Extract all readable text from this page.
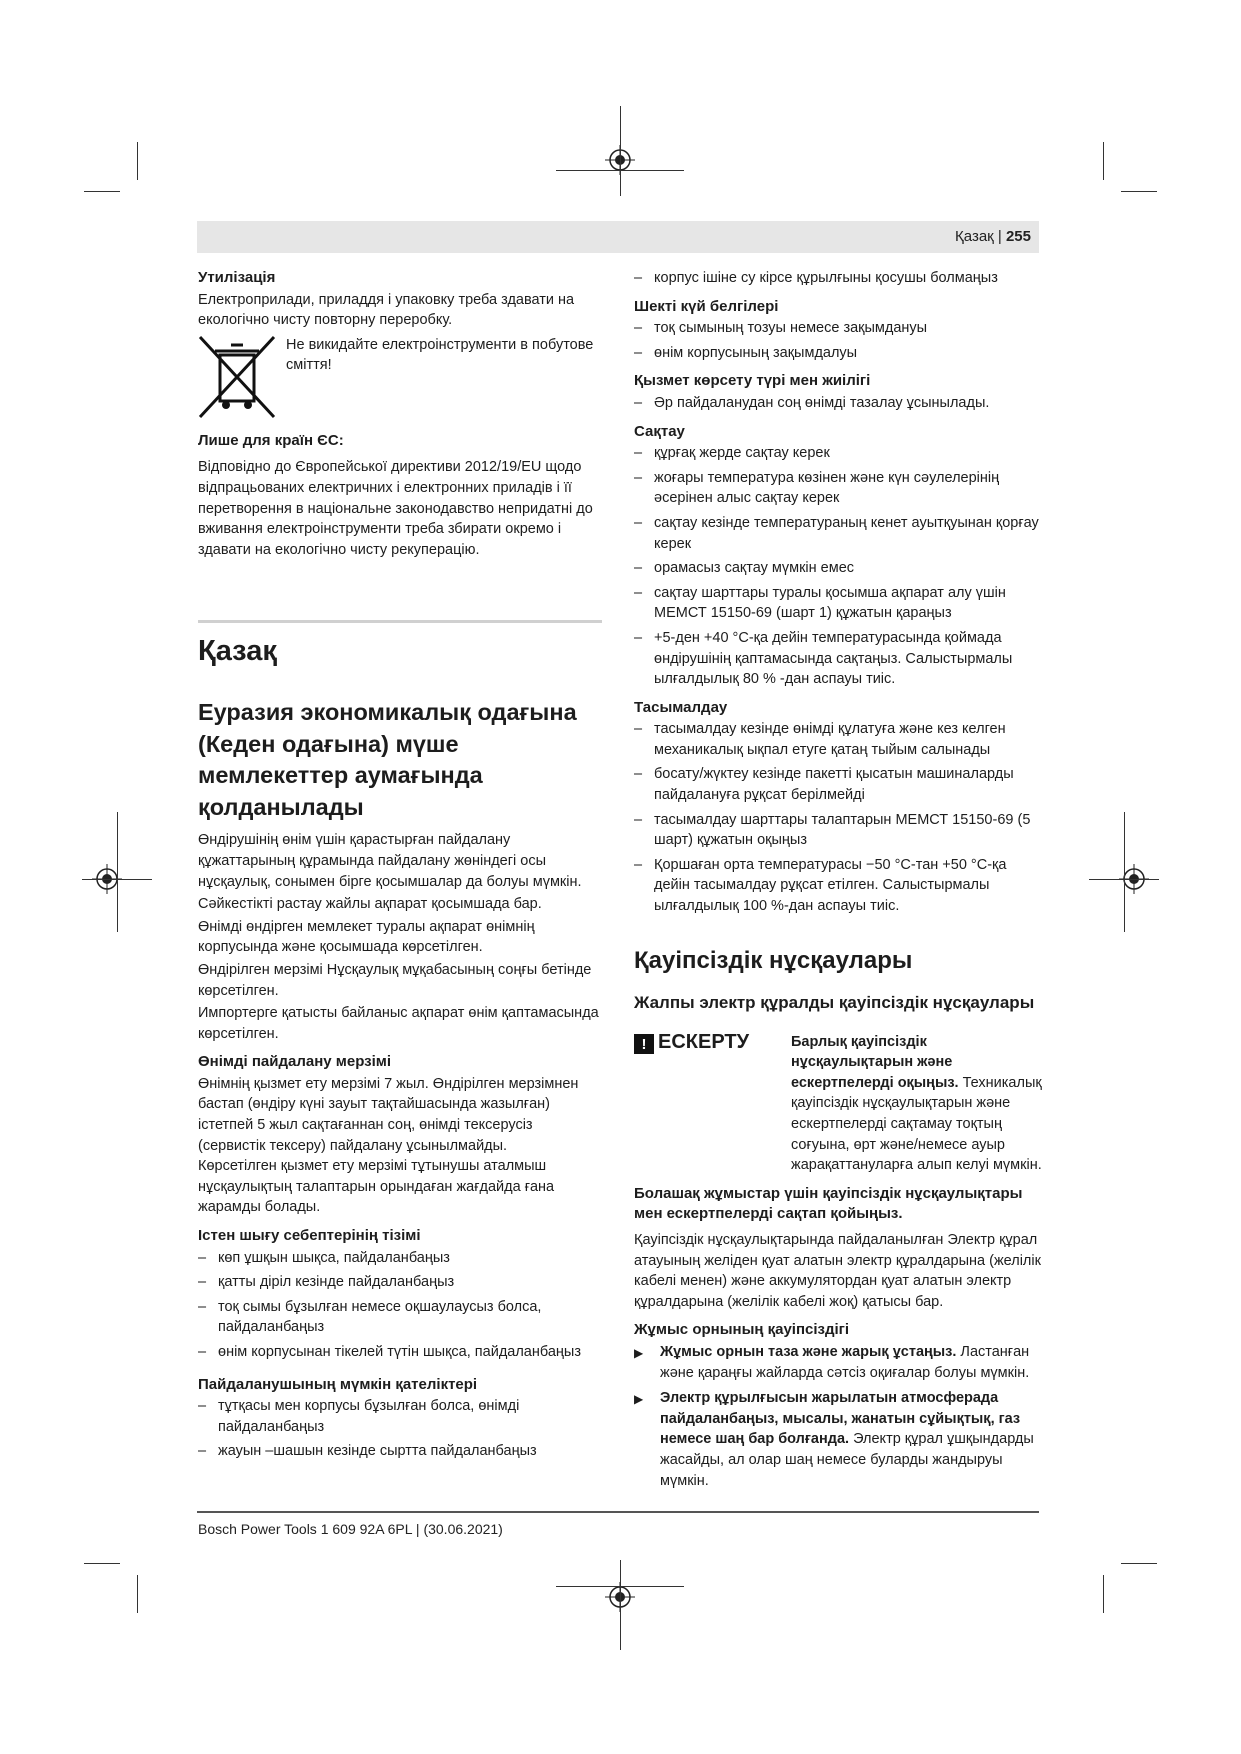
Қазақ | 255

Утилізація

Електроприлади, приладдя і упаковку треба здавати на екологічно чисту повторну переробку.

Не викидайте електроінструменти в побутове сміття!

Лише для країн ЄС:

Відповідно до Європейської директиви 2012/19/EU щодо відпрацьованих електричних і електронних приладів і її перетворення в національне законодавство непридатні до вживання електроінструменти треба збирати окремо і здавати на екологічно чисту рекуперацію.

Қазақ

Еуразия экономикалық одағына (Кеден одағына) мүше мемлекеттер аумағында қолданылады

Өндірушінің өнім үшін қарастырған пайдалану құжаттарының құрамында пайдалану жөніндегі осы нұсқаулық, сонымен бірге қосымшалар да болуы мүмкін.

Сәйкестікті растау жайлы ақпарат қосымшада бар.

Өнімді өндірген мемлекет туралы ақпарат өнімнің корпусында және қосымшада көрсетілген.

Өндірілген мерзімі Нұсқаулық мұқабасының соңғы бетінде көрсетілген.

Импортерге қатысты байланыс ақпарат өнім қаптамасында көрсетілген.

Өнімді пайдалану мерзімі

Өнімнің қызмет ету мерзімі 7 жыл. Өндірілген мерзімнен бастап (өндіру күні зауыт тақтайшасында жазылған) істетпей 5 жыл сақтағаннан соң, өнімді тексерусіз (сервистік тексеру) пайдалану ұсынылмайды.

Көрсетілген қызмет ету мерзімі тұтынушы аталмыш нұсқаулықтың талаптарын орындаған жағдайда ғана жарамды болады.

Істен шығу себептерінің тізімі

– көп ұшқын шықса, пайдаланбаңыз

– қатты діріл кезінде пайдаланбаңыз

– тоқ сымы бұзылған немесе оқшаулаусыз болса, пайдаланбаңыз

– өнім корпусынан тікелей түтін шықса, пайдаланбаңыз

Пайдаланушының мүмкін қателіктері

– тұтқасы мен корпусы бұзылған болса, өнімді пайдаланбаңыз

– жауын –шашын кезінде сыртта пайдаланбаңыз

– корпус ішіне су кірсе құрылғыны қосушы болмаңыз

Шекті күй белгілері

– тоқ сымының тозуы немесе зақымдануы

– өнім корпусының зақымдалуы

Қызмет көрсету түрі мен жиілігі

– Әр пайдаланудан соң өнімді тазалау ұсынылады.

Сақтау

– құрғақ жерде сақтау керек

– жоғары температура көзінен және күн сәулелерінің әсерінен алыс сақтау керек

– сақтау кезінде температураның кенет ауытқуынан қорғау керек

– орамасыз сақтау мүмкін емес

– сақтау шарттары туралы қосымша ақпарат алу үшін МЕМСТ 15150-69 (шарт 1) құжатын қараңыз

– +5-ден +40 °C-қа дейін температурасында қоймада өндірушінің қаптамасында сақтаңыз. Салыстырмалы ылғалдылық 80 % -дан аспауы тиіс.

Тасымалдау

– тасымалдау кезінде өнімді құлатуға және кез келген механикалық ықпал етуге қатаң тыйым салынады

– босату/жүктеу кезінде пакетті қысатын машиналарды пайдалануға рұқсат берілмейді

– тасымалдау шарттары талаптарын МЕМСТ 15150-69 (5 шарт) құжатын оқыңыз

– Қоршаған орта температурасы −50 °C-тан +50 °C-қа дейін тасымалдау рұқсат етілген. Салыстырмалы ылғалдылық 100 %-дан аспауы тиіс.

Қауіпсіздік нұсқаулары

Жалпы электр құралды қауіпсіздік нұсқаулары

! ЕСКЕРТУ	Барлық қауіпсіздік нұсқаулықтарын және ескертпелерді оқыңыз. Техникалық қауіпсіздік нұсқаулықтарын және ескертпелерді сақтамау тоқтың соғуына, өрт және/немесе ауыр жарақаттануларға алып келуі мүмкін.

Болашақ жұмыстар үшін қауіпсіздік нұсқаулықтары мен ескертпелерді сақтап қойыңыз.

Қауіпсіздік нұсқаулықтарында пайдаланылған Электр құрал атауының желіден қуат алатын электр құралдарына (желілік кабелі менен) және аккумулятордан қуат алатын электр құралдарына (желілік кабелі жоқ) қатысы бар.

Жұмыс орнының қауіпсіздігі

▶ Жұмыс орнын таза және жарық ұстаңыз. Ластанған және қараңғы жайларда сәтсіз оқиғалар болуы мүмкін.

▶ Электр құрылғысын жарылатын атмосферада пайдаланбаңыз, мысалы, жанатын сұйықтық, газ немесе шаң бар болғанда. Электр құрал ұшқындарды жасайды, ал олар шаң немесе буларды жандыруы мүмкін.

Bosch Power Tools 1 609 92A 6PL | (30.06.2021)
